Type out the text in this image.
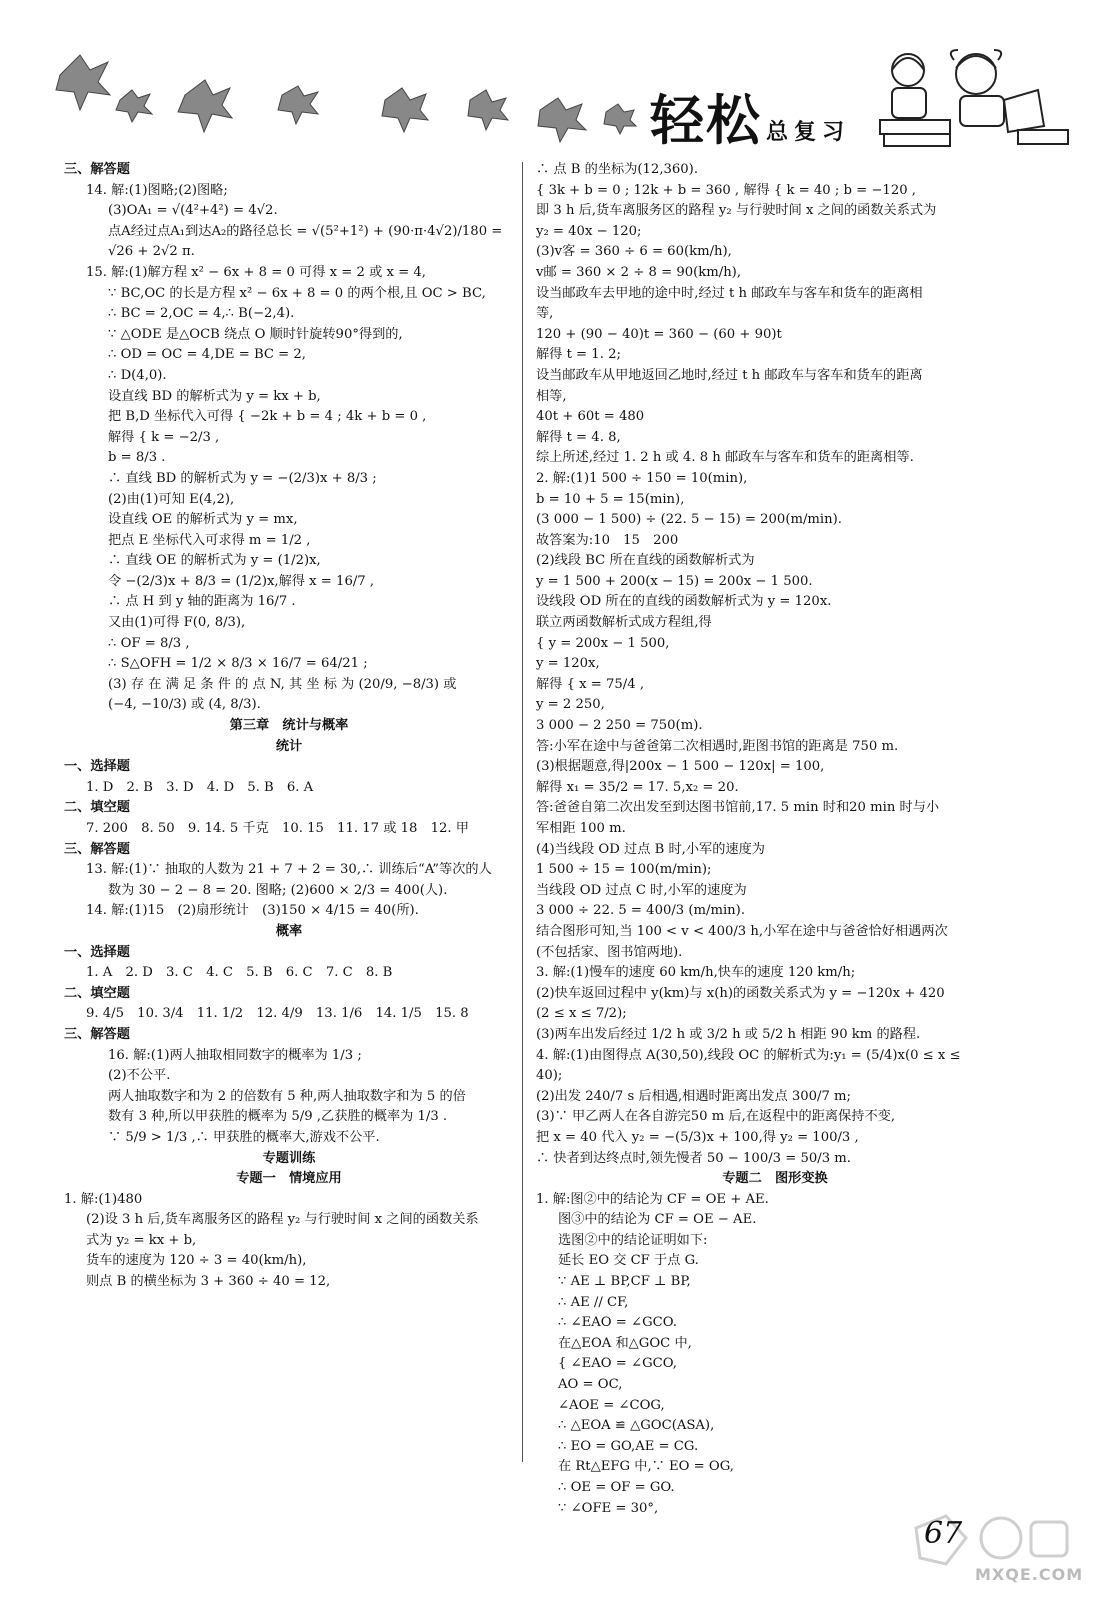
轻松 总复习
三、解答题
14. 解:(1)图略;(2)图略;
(3)OA₁ = √(4²+4²) = 4√2.
点A经过点A₁到达A₂的路径总长 = √(5²+1²) + (90·π·4√2)/180 =
√26 + 2√2 π.
15. 解:(1)解方程 x² − 6x + 8 = 0 可得 x = 2 或 x = 4,
∵ BC,OC 的长是方程 x² − 6x + 8 = 0 的两个根,且 OC > BC,
∴ BC = 2,OC = 4,∴ B(−2,4).
∵ △ODE 是△OCB 绕点 O 顺时针旋转90°得到的,
∴ OD = OC = 4,DE = BC = 2,
∴ D(4,0).
设直线 BD 的解析式为 y = kx + b,
把 B,D 坐标代入可得 { −2k + b = 4 ; 4k + b = 0 ,
解得 { k = −2/3 ,
b = 8/3 .
∴ 直线 BD 的解析式为 y = −(2/3)x + 8/3 ;
(2)由(1)可知 E(4,2),
设直线 OE 的解析式为 y = mx,
把点 E 坐标代入可求得 m = 1/2 ,
∴ 直线 OE 的解析式为 y = (1/2)x,
令 −(2/3)x + 8/3 = (1/2)x,解得 x = 16/7 ,
∴ 点 H 到 y 轴的距离为 16/7 .
又由(1)可得 F(0, 8/3),
∴ OF = 8/3 ,
∴ S△OFH = 1/2 × 8/3 × 16/7 = 64/21 ;
(3) 存 在 满 足 条 件 的 点 N, 其 坐 标 为 (20/9, −8/3) 或
(−4, −10/3) 或 (4, 8/3).
第三章　统计与概率
统计
一、选择题
1. D　2. B　3. D　4. D　5. B　6. A
二、填空题
7. 200　8. 50　9. 14. 5 千克　10. 15　11. 17 或 18　12. 甲
三、解答题
13. 解:(1)∵ 抽取的人数为 21 + 7 + 2 = 30,∴ 训练后“A”等次的人
数为 30 − 2 − 8 = 20. 图略; (2)600 × 2/3 = 400(人).
14. 解:(1)15　(2)扇形统计　(3)150 × 4/15 = 40(所).
概率
一、选择题
1. A　2. D　3. C　4. C　5. B　6. C　7. C　8. B
二、填空题
9. 4/5　10. 3/4　11. 1/2　12. 4/9　13. 1/6　14. 1/5　15. 8
三、解答题
16. 解:(1)两人抽取相同数字的概率为 1/3 ;
(2)不公平.
两人抽取数字和为 2 的倍数有 5 种,两人抽取数字和为 5 的倍
数有 3 种,所以甲获胜的概率为 5/9 ,乙获胜的概率为 1/3 .
∵ 5/9 > 1/3 ,∴ 甲获胜的概率大,游戏不公平.
专题训练
专题一　情境应用
1. 解:(1)480
(2)设 3 h 后,货车离服务区的路程 y₂ 与行驶时间 x 之间的函数关系
式为 y₂ = kx + b,
货车的速度为 120 ÷ 3 = 40(km/h),
则点 B 的横坐标为 3 + 360 ÷ 40 = 12,
∴ 点 B 的坐标为(12,360).
{ 3k + b = 0 ; 12k + b = 360 , 解得 { k = 40 ; b = −120 ,
即 3 h 后,货车离服务区的路程 y₂ 与行驶时间 x 之间的函数关系式为
y₂ = 40x − 120;
(3)v客 = 360 ÷ 6 = 60(km/h),
v邮 = 360 × 2 ÷ 8 = 90(km/h),
设当邮政车去甲地的途中时,经过 t h 邮政车与客车和货车的距离相
等,
120 + (90 − 40)t = 360 − (60 + 90)t
解得 t = 1. 2;
设当邮政车从甲地返回乙地时,经过 t h 邮政车与客车和货车的距离
相等,
40t + 60t = 480
解得 t = 4. 8,
综上所述,经过 1. 2 h 或 4. 8 h 邮政车与客车和货车的距离相等.
2. 解:(1)1 500 ÷ 150 = 10(min),
b = 10 + 5 = 15(min),
(3 000 − 1 500) ÷ (22. 5 − 15) = 200(m/min).
故答案为:10　15　200
(2)线段 BC 所在直线的函数解析式为
y = 1 500 + 200(x − 15) = 200x − 1 500.
设线段 OD 所在的直线的函数解析式为 y = 120x.
联立两函数解析式成方程组,得
{ y = 200x − 1 500,
y = 120x,
解得 { x = 75/4 ,
y = 2 250,
3 000 − 2 250 = 750(m).
答:小军在途中与爸爸第二次相遇时,距图书馆的距离是 750 m.
(3)根据题意,得|200x − 1 500 − 120x| = 100,
解得 x₁ = 35/2 = 17. 5,x₂ = 20.
答:爸爸自第二次出发至到达图书馆前,17. 5 min 时和20 min 时与小
军相距 100 m.
(4)当线段 OD 过点 B 时,小军的速度为
1 500 ÷ 15 = 100(m/min);
当线段 OD 过点 C 时,小军的速度为
3 000 ÷ 22. 5 = 400/3 (m/min).
结合图形可知,当 100 < v < 400/3 h,小军在途中与爸爸恰好相遇两次
(不包括家、图书馆两地).
3. 解:(1)慢车的速度 60 km/h,快车的速度 120 km/h;
(2)快车返回过程中 y(km)与 x(h)的函数关系式为 y = −120x + 420
(2 ≤ x ≤ 7/2);
(3)两车出发后经过 1/2 h 或 3/2 h 或 5/2 h 相距 90 km 的路程.
4. 解:(1)由图得点 A(30,50),线段 OC 的解析式为:y₁ = (5/4)x(0 ≤ x ≤
40);
(2)出发 240/7 s 后相遇,相遇时距离出发点 300/7 m;
(3)∵ 甲乙两人在各自游完50 m 后,在返程中的距离保持不变,
把 x = 40 代入 y₂ = −(5/3)x + 100,得 y₂ = 100/3 ,
∴ 快者到达终点时,领先慢者 50 − 100/3 = 50/3 m.
专题二　图形变换
1. 解:图②中的结论为 CF = OE + AE.
图③中的结论为 CF = OE − AE.
选图②中的结论证明如下:
延长 EO 交 CF 于点 G.
∵ AE ⊥ BP,CF ⊥ BP,
∴ AE // CF,
∴ ∠EAO = ∠GCO.
在△EOA 和△GOC 中,
{ ∠EAO = ∠GCO,
AO = OC,
∠AOE = ∠COG,
∴ △EOA ≌ △GOC(ASA),
∴ EO = GO,AE = CG.
在 Rt△EFG 中,∵ EO = OG,
∴ OE = OF = GO.
∵ ∠OFE = 30°,
67
MXQE.COM
